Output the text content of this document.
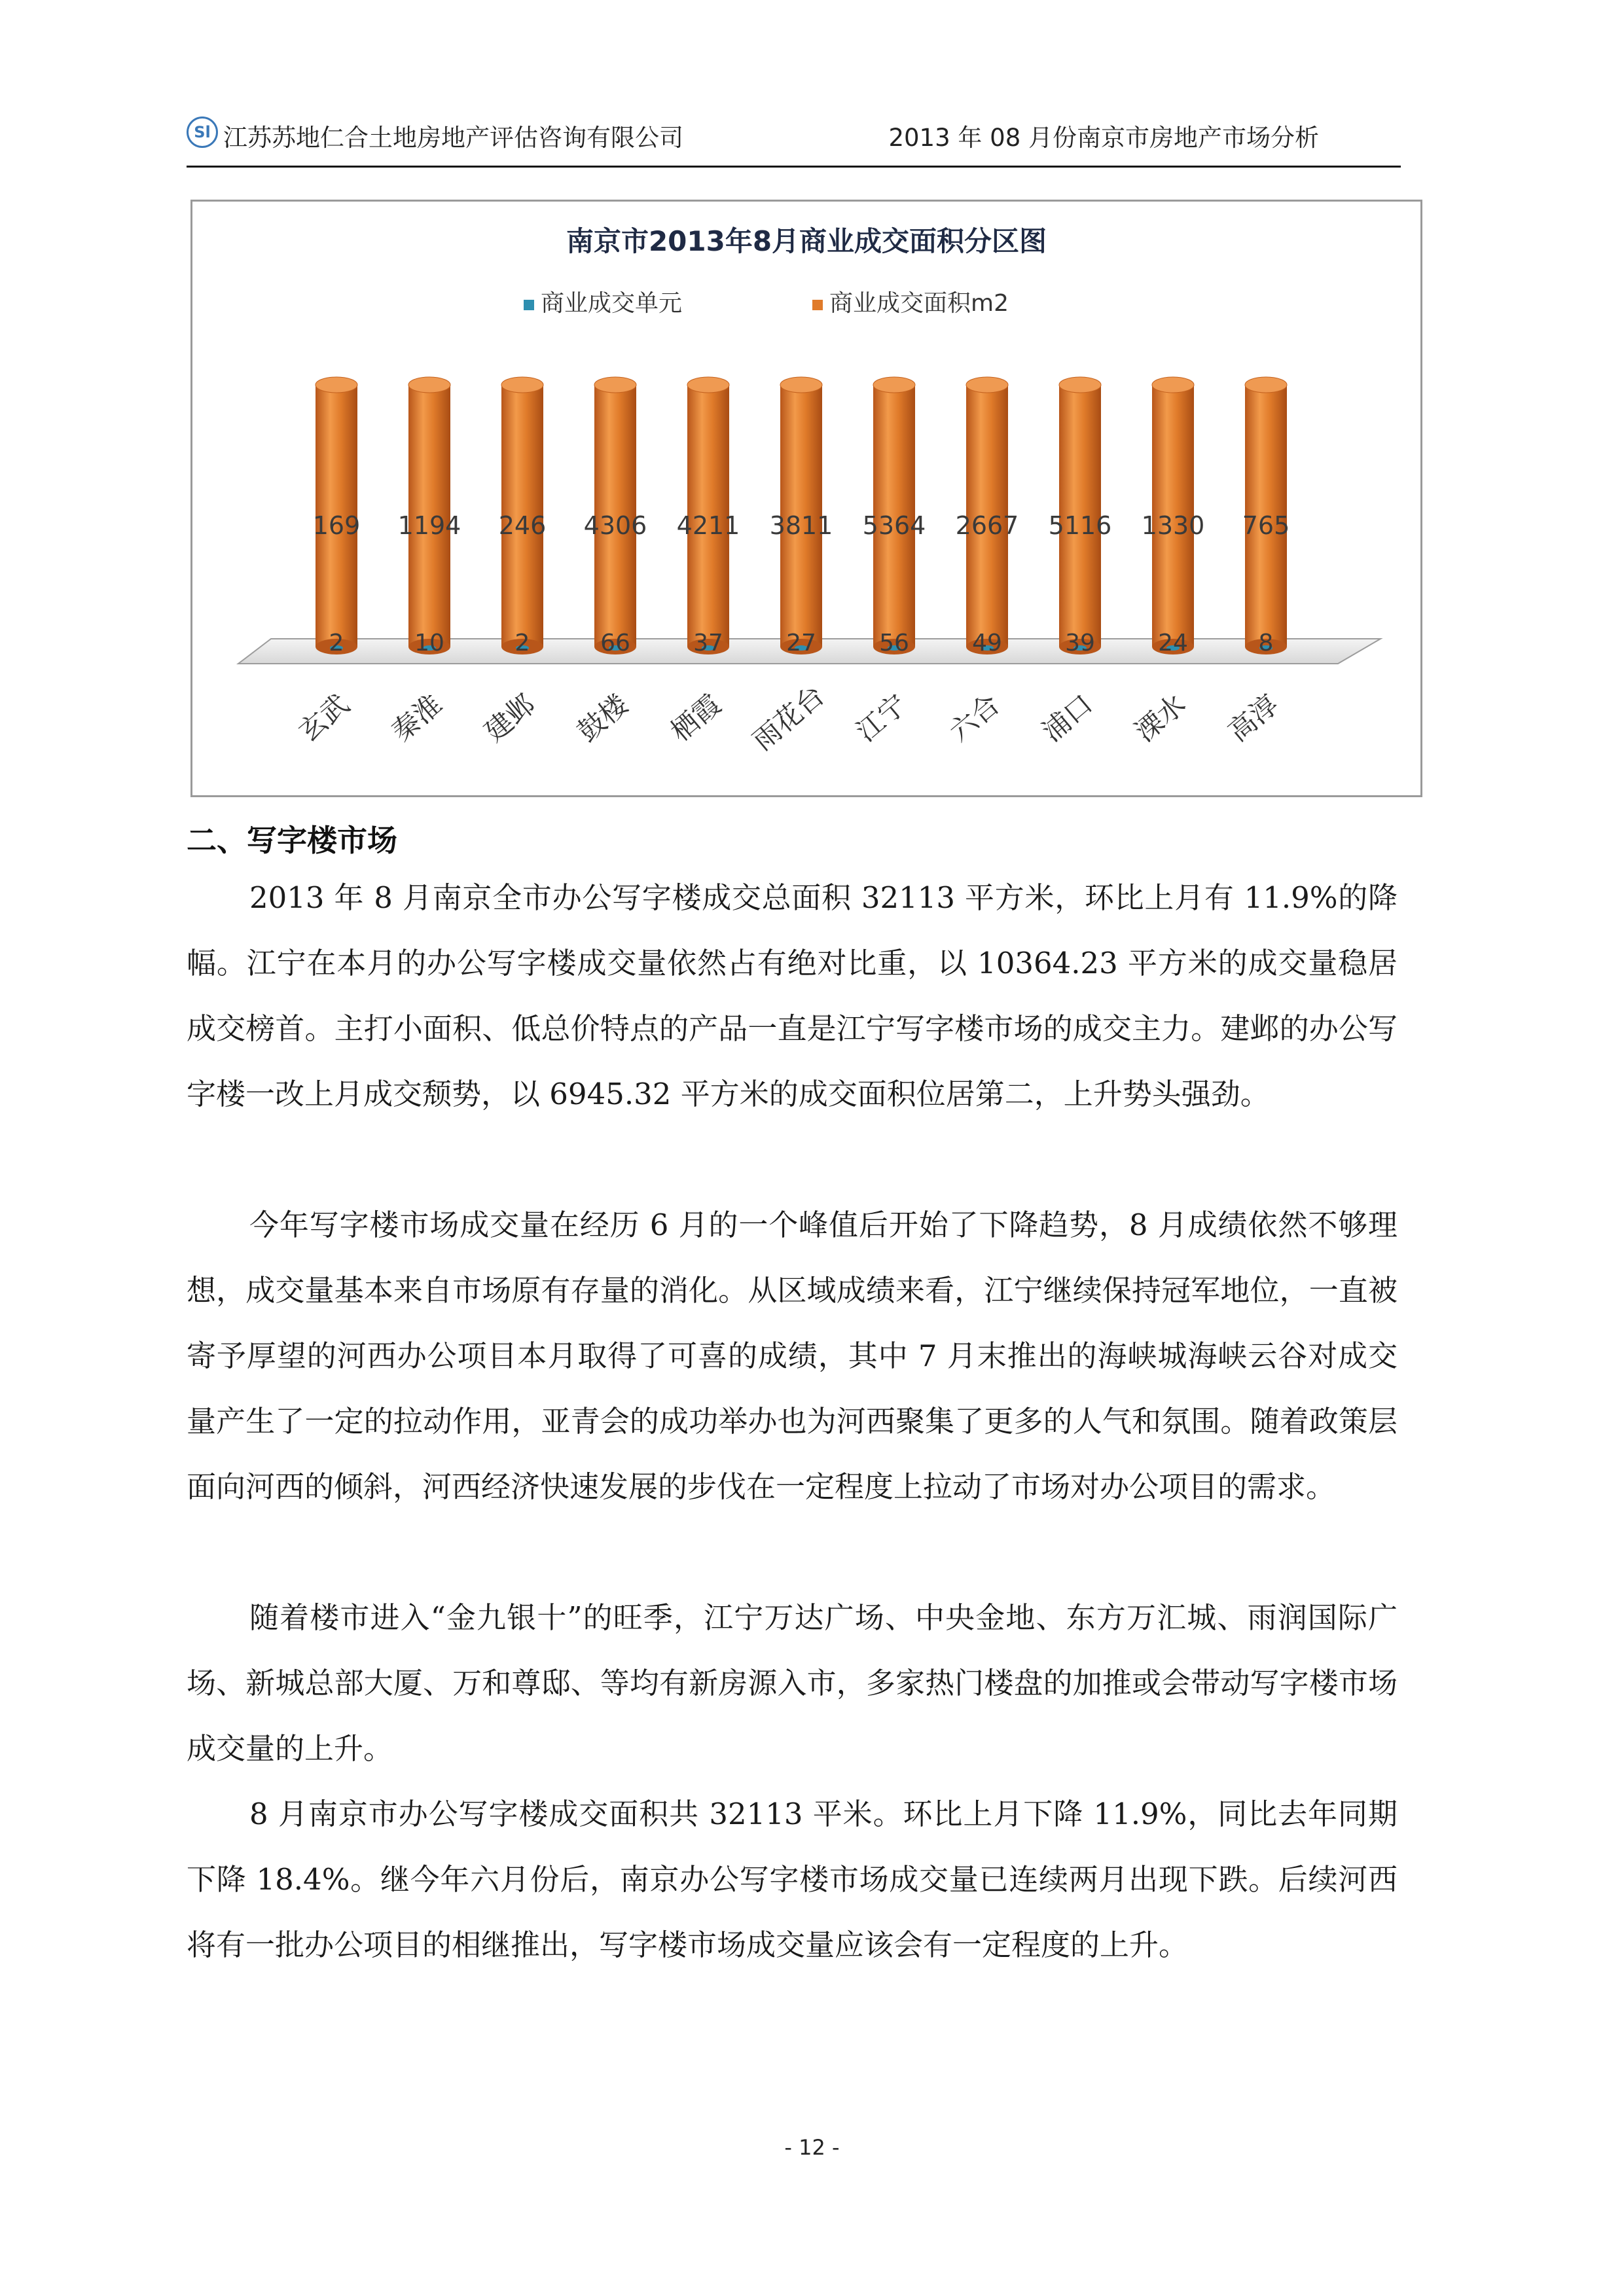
Sl 江苏苏地仁合土地房地产评估咨询有限公司	2013 年 08 月份南京市房地产市场分析
南京市2013年8月商业成交面积分区图
商业成交单元	商业成交面积m2
169
2
玄武
1194
10
秦淮
246
2
建邺
4306
66
鼓楼
4211
37
栖霞
3811
27
雨花台
5364
56
江宁
2667
49
六合
5116
39
浦口
1330
24
溧水
765
8
高淳
二、写字楼市场

2013 年 8 月南京全市办公写字楼成交总面积 32113 平方米，环比上月有 11.9%的降幅。江宁在本月的办公写字楼成交量依然占有绝对比重，以 10364.23 平方米的成交量稳居成交榜首。主打小面积、低总价特点的产品一直是江宁写字楼市场的成交主力。建邺的办公写字楼一改上月成交颓势，以 6945.32 平方米的成交面积位居第二，上升势头强劲。

今年写字楼市场成交量在经历 6 月的一个峰值后开始了下降趋势，8 月成绩依然不够理想，成交量基本来自市场原有存量的消化。从区域成绩来看，江宁继续保持冠军地位，一直被寄予厚望的河西办公项目本月取得了可喜的成绩，其中 7 月末推出的海峡城海峡云谷对成交量产生了一定的拉动作用，亚青会的成功举办也为河西聚集了更多的人气和氛围。随着政策层面向河西的倾斜，河西经济快速发展的步伐在一定程度上拉动了市场对办公项目的需求。

随着楼市进入“金九银十”的旺季，江宁万达广场、中央金地、东方万汇城、雨润国际广场、新城总部大厦、万和尊邸、等均有新房源入市，多家热门楼盘的加推或会带动写字楼市场成交量的上升。

8 月南京市办公写字楼成交面积共 32113 平米。环比上月下降 11.9%，同比去年同期下降 18.4%。继今年六月份后，南京办公写字楼市场成交量已连续两月出现下跌。后续河西将有一批办公项目的相继推出，写字楼市场成交量应该会有一定程度的上升。

- 12 -
